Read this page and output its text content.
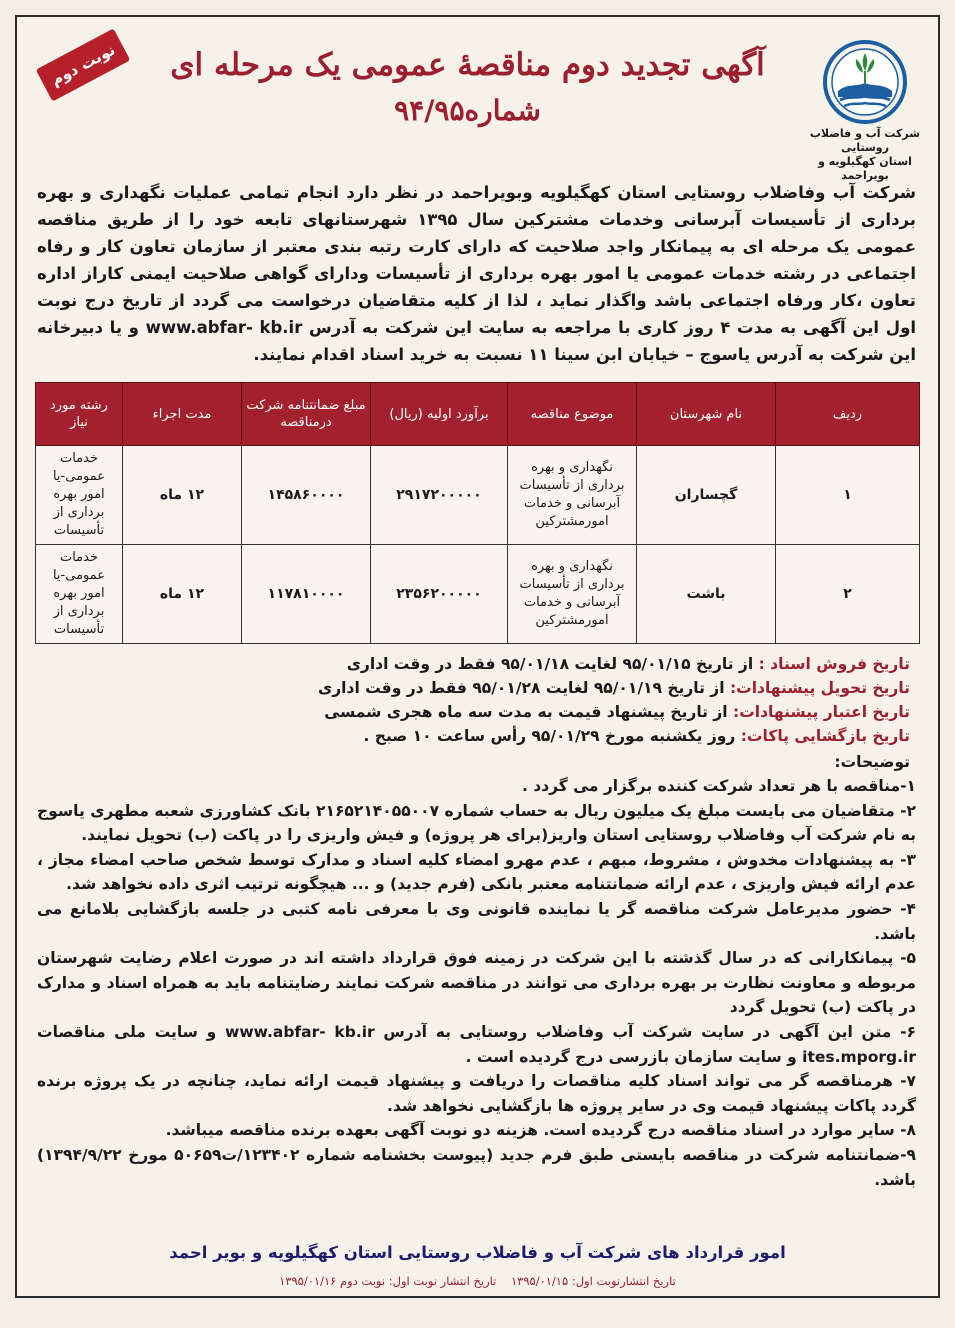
شرکت آب و فاضلاب روستایی
استان کهگیلویه و بویراحمد
آگهی تجدید دوم مناقصهٔ عمومی یک مرحله ای
شماره۹۴/۹۵
نوبت دوم
شرکت آب وفاضلاب روستایی استان کهگیلویه وبویراحمد در نظر دارد انجام تمامی عملیات نگهداری و بهره برداری از تأسیسات آبرسانی وخدمات مشترکین سال ۱۳۹۵ شهرستانهای تابعه خود را از طریق مناقصه عمومی یک مرحله ای به پیمانکار واجد صلاحیت که دارای کارت رتبه بندی معتبر از سازمان تعاون کار و رفاه اجتماعی در رشته خدمات عمومی یا امور بهره برداری از تأسیسات ودارای گواهی صلاحیت ایمنی کاراز اداره تعاون ،کار ورفاه اجتماعی باشد واگذار نماید ، لذا از کلیه متقاضیان درخواست می گردد از تاریخ درج نوبت اول این آگهی به مدت ۴ روز کاری با مراجعه به سایت این شرکت به آدرس www.abfar- kb.ir و یا دبیرخانه این شرکت به آدرس یاسوج – خیابان ابن سینا ۱۱ نسبت به خرید اسناد اقدام نمایند.
ردیف	نام شهرستان	موضوع مناقصه	برآورد اولیه (ریال)	مبلغ ضمانتنامه شرکت درمناقصه	مدت اجراء	رشته مورد نیاز
۱	گچساران	نگهداری و بهره برداری از تأسیسات آبرسانی و خدمات امورمشترکین	۲۹۱۷۲۰۰۰۰۰	۱۴۵۸۶۰۰۰۰	۱۲ ماه	خدمات عمومی-یا امور بهره برداری از تأسیسات
۲	باشت	نگهداری و بهره برداری از تأسیسات آبرسانی و خدمات امورمشترکین	۲۳۵۶۲۰۰۰۰۰	۱۱۷۸۱۰۰۰۰	۱۲ ماه	خدمات عمومی-یا امور بهره برداری از تأسیسات
تاریخ فروش اسناد : از تاریخ ۹۵/۰۱/۱۵ لغایت ۹۵/۰۱/۱۸ فقط در وقت اداری
تاریخ تحویل پیشنهادات: از تاریخ ۹۵/۰۱/۱۹ لغایت ۹۵/۰۱/۲۸ فقط در وقت اداری
تاریخ اعتبار پیشنهادات: از تاریخ پیشنهاد قیمت به مدت سه ماه هجری شمسی
تاریخ بازگشایی پاکات: روز یکشنبه مورخ ۹۵/۰۱/۲۹ رأس ساعت ۱۰ صبح .
توضیحات:

۱-مناقصه با هر تعداد شرکت کننده برگزار می گردد .

۲- متقاضیان می بایست مبلغ یک میلیون ریال به حساب شماره ۲۱۶۵۲۱۴۰۵۵۰۰۷ بانک کشاورزی شعبه مطهری یاسوج به نام شرکت آب وفاضلاب روستایی استان واریز(برای هر پروژه) و فیش واریزی را در پاکت (ب) تحویل نمایند.

۳- به پیشنهادات مخدوش ، مشروط، مبهم ، عدم مهرو امضاء کلیه اسناد و مدارک توسط شخص صاحب امضاء مجاز ، عدم ارائه فیش واریزی ، عدم ارائه ضمانتنامه معتبر بانکی (فرم جدید) و ... هیچگونه ترتیب اثری داده نخواهد شد.

۴- حضور مدیرعامل شرکت مناقصه گر یا نماینده قانونی وی با معرفی نامه کتبی در جلسه بازگشایی بلامانع می باشد.

۵- پیمانکارانی که در سال گذشته با این شرکت در زمینه فوق قرارداد داشته اند در صورت اعلام رضایت شهرستان مربوطه و معاونت نظارت بر بهره برداری می توانند در مناقصه شرکت نمایند رضایتنامه باید به همراه اسناد و مدارک در پاکت (ب) تحویل گردد

۶- متن این آگهی در سایت شرکت آب وفاضلاب روستایی به آدرس www.abfar- kb.ir و سایت ملی مناقصات ites.mporg.ir و سایت سازمان بازرسی درج گردیده است .

۷- هرمناقصه گر می تواند اسناد کلیه مناقصات را دریافت و پیشنهاد قیمت ارائه نماید، چنانچه در یک پروژه برنده گردد پاکات پیشنهاد قیمت وی در سایر پروژه ها بازگشایی نخواهد شد.

۸- سایر موارد در اسناد مناقصه درج گردیده است. هزینه دو نوبت آگهی بعهده برنده مناقصه میباشد.

۹-ضمانتنامه شرکت در مناقصه بایستی طبق فرم جدید (پیوست بخشنامه شماره ۱۲۳۴۰۲/ت۵۰۶۵۹ مورخ ۱۳۹۴/۹/۲۲) باشد.

امور قرارداد های شرکت آب و فاضلاب روستایی استان کهگیلویه و بویر احمد
تاریخ انتشارنوبت اول: ۱۳۹۵/۰۱/۱۵    تاریخ انتشار نوبت اول: نوبت دوم ۱۳۹۵/۰۱/۱۶
